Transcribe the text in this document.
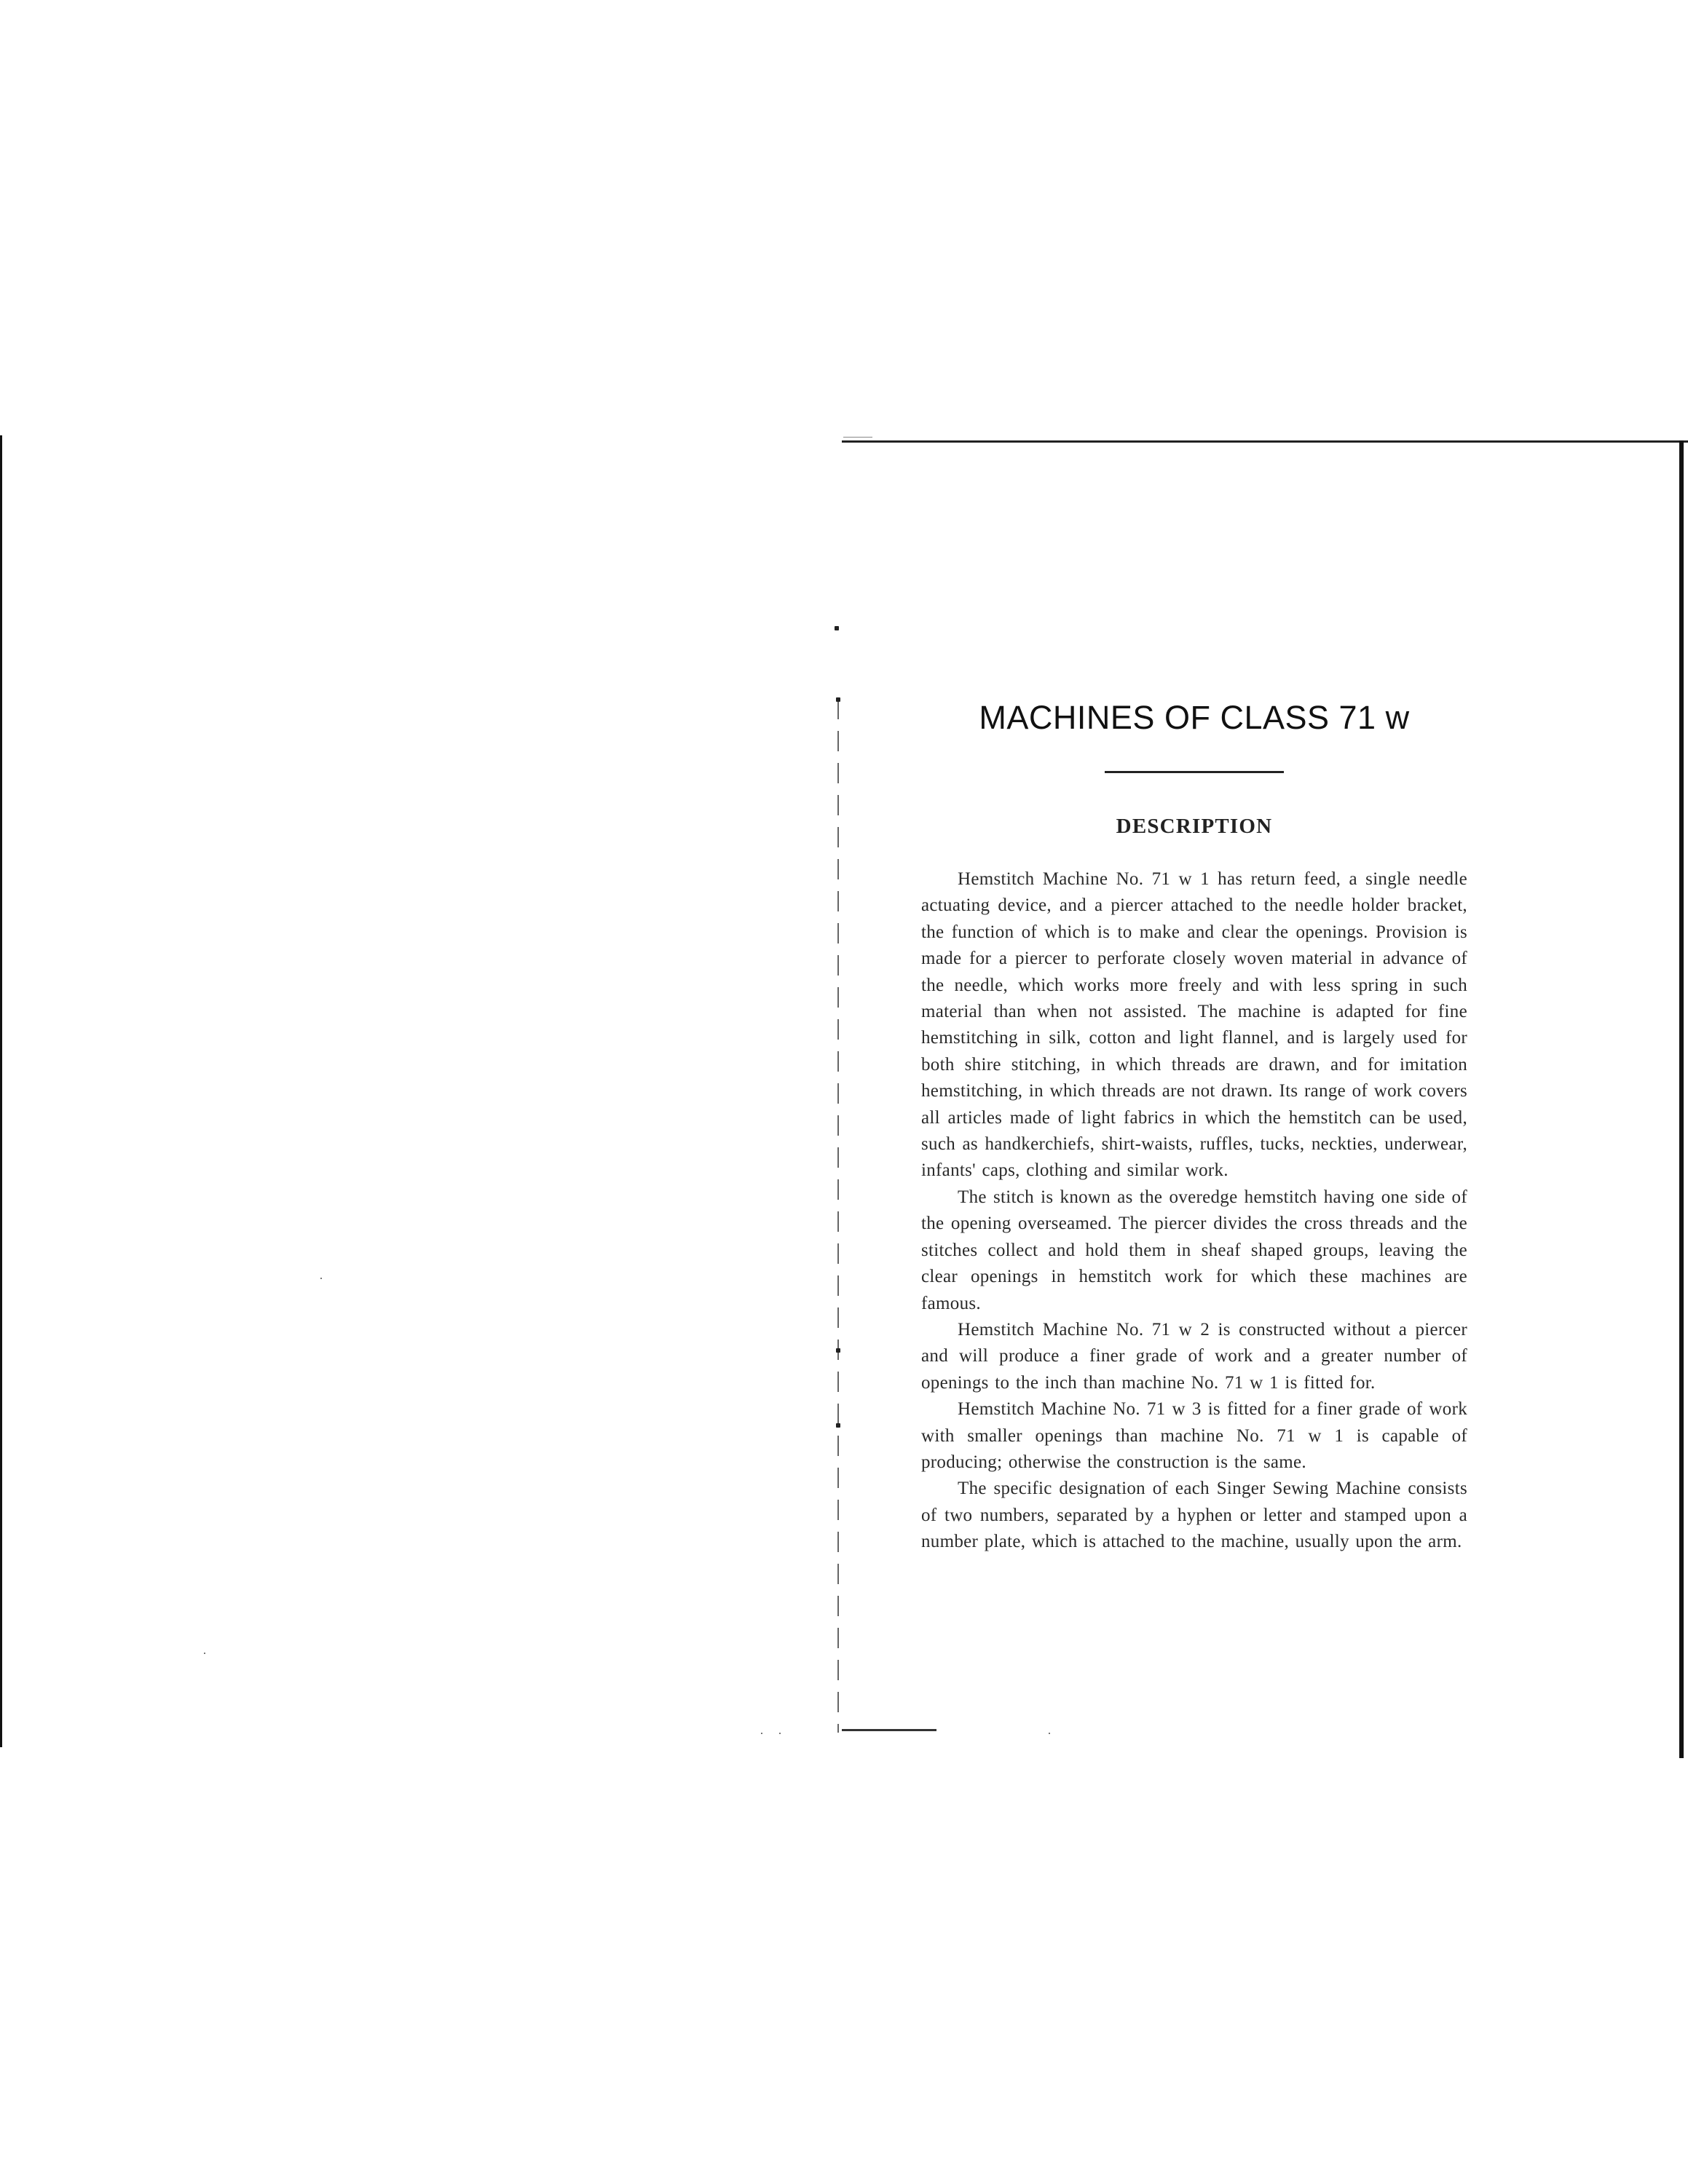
MACHINES OF CLASS 71 w
DESCRIPTION

Hemstitch Machine No. 71 w 1 has return feed, a single needle actuating device, and a piercer attached to the needle holder bracket, the function of which is to make and clear the openings. Provision is made for a piercer to perforate closely woven material in advance of the needle, which works more freely and with less spring in such material than when not assisted. The machine is adapted for fine hemstitching in silk, cotton and light flannel, and is largely used for both shire stitching, in which threads are drawn, and for imitation hemstitching, in which threads are not drawn. Its range of work covers all articles made of light fabrics in which the hemstitch can be used, such as handkerchiefs, shirt-waists, ruffles, tucks, neckties, underwear, infants' caps, clothing and similar work.

The stitch is known as the overedge hemstitch having one side of the opening overseamed. The piercer divides the cross threads and the stitches collect and hold them in sheaf shaped groups, leaving the clear openings in hemstitch work for which these machines are famous.

Hemstitch Machine No. 71 w 2 is constructed without a piercer and will produce a finer grade of work and a greater number of openings to the inch than machine No. 71 w 1 is fitted for.

Hemstitch Machine No. 71 w 3 is fitted for a finer grade of work with smaller openings than machine No. 71 w 1 is capable of producing; otherwise the construction is the same.

The specific designation of each Singer Sewing Machine consists of two numbers, separated by a hyphen or letter and stamped upon a number plate, which is attached to the machine, usually upon the arm.
